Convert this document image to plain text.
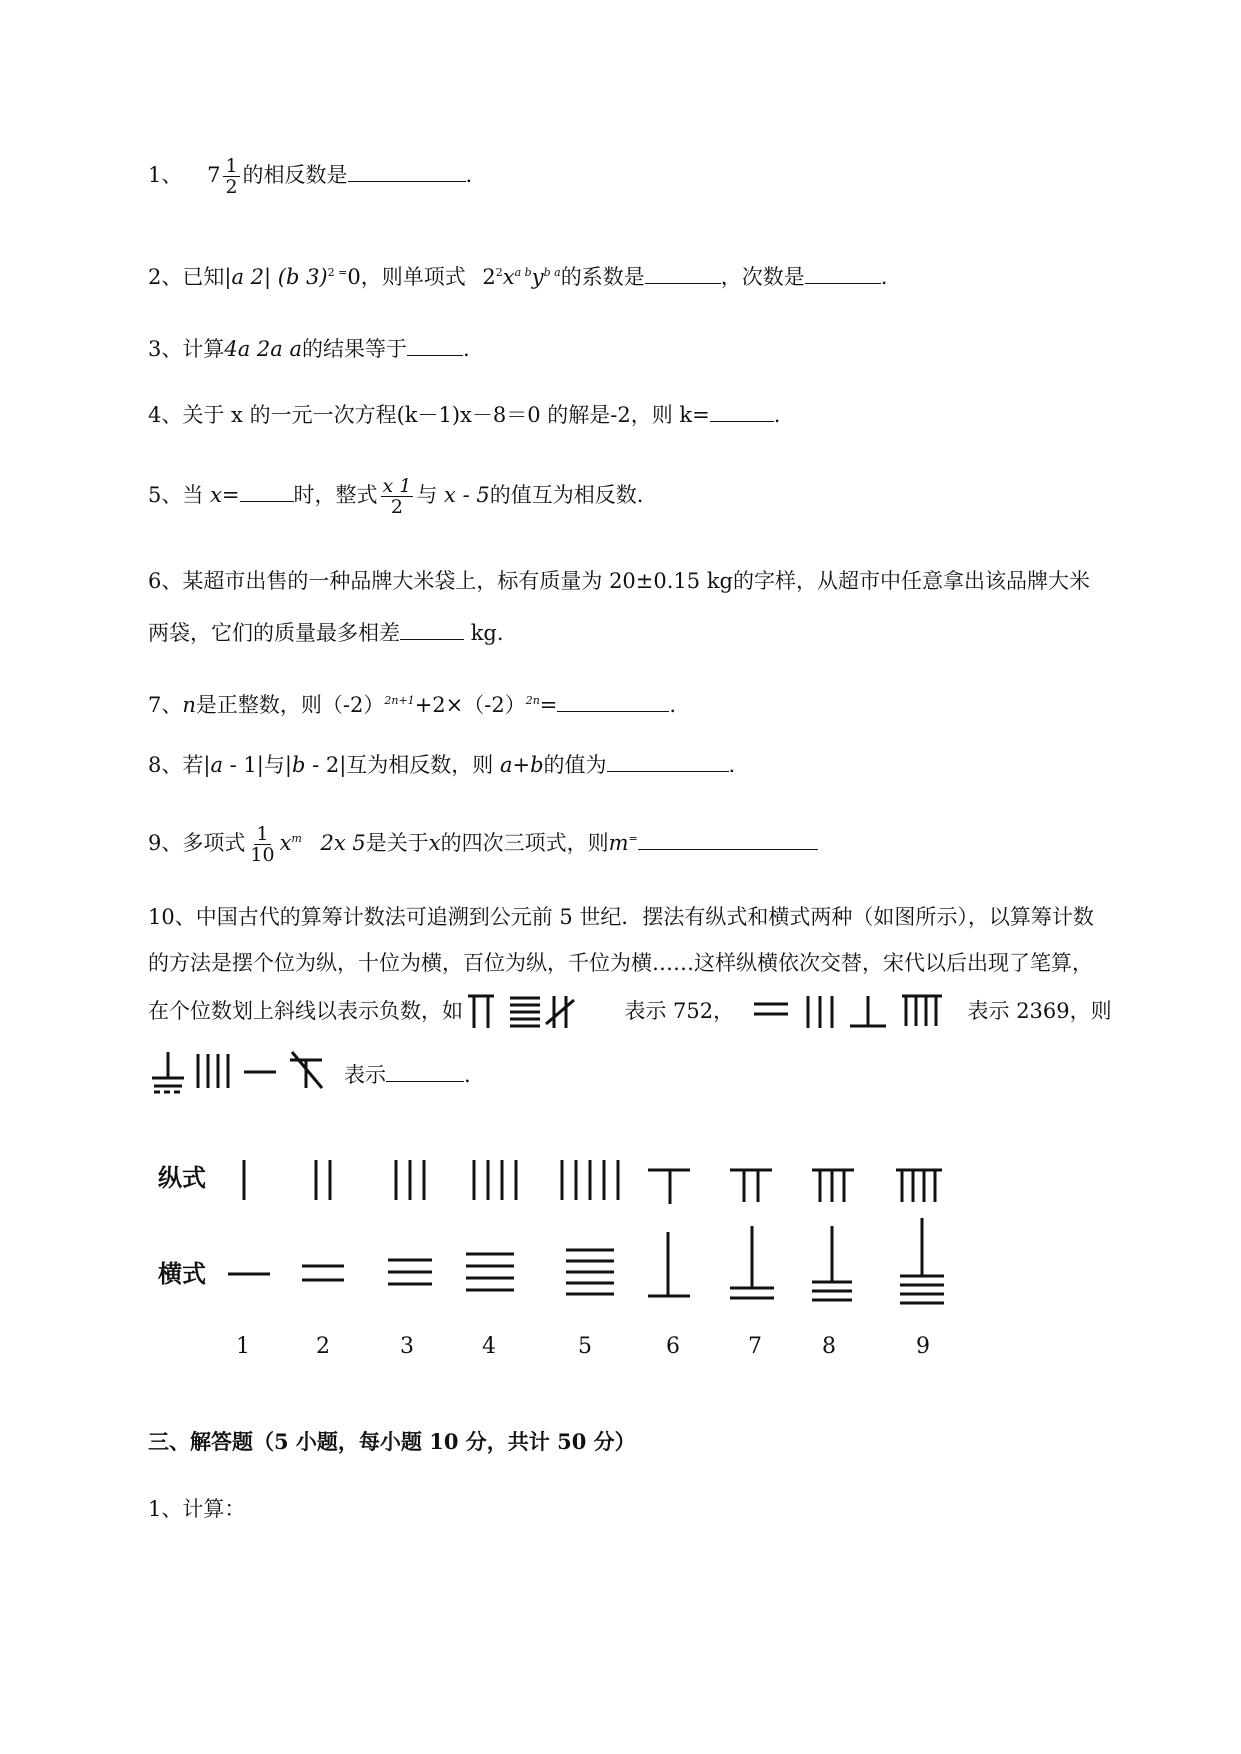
1、 $7 \frac{1}{2}$ 的相反数是	.
2、已知|a 2| (b 3)$^{2 =}$0，则单项式 $2^2x^{a b}y^{b a}$的系数是	，次数是	.
3、计算4a 2a a的结果等于	.
4、关于 x 的一元一次方程(k－1)x－8＝0 的解是-2，则 k=	.
5、当 x=	时，整式 $\frac{x 1}{2}$ 与 x - 5的值互为相反数.
6、某超市出售的一种品牌大米袋上，标有质量为 20±0.15 kg的字样，从超市中任意拿出该品牌大米
两袋，它们的质量最多相差	kg.
7、n是正整数，则$(-2)^{2n+1}+2\times(-2)^{2n}=$	.
8、若|a - 1|与|b - 2|互为相反数，则 a+b的值为	.
9、多项式 $\frac{1}{10} x^m$ 2x 5是关于x的四次三项式，则m=
10、中国古代的算筹计数法可追溯到公元前 5 世纪．摆法有纵式和横式两种（如图所示），以算筹计数
的方法是摆个位为纵，十位为横，百位为纵，千位为横……这样纵横依次交替，宋代以后出现了笔算，
在个位数划上斜线以表示负数，如	表示 752，	表示 2369，则
表示	.
纵式
横式
1	2	3	4	5	6	7	8	9
三、解答题（5 小题，每小题 10 分，共计 50 分）
1、计算：
